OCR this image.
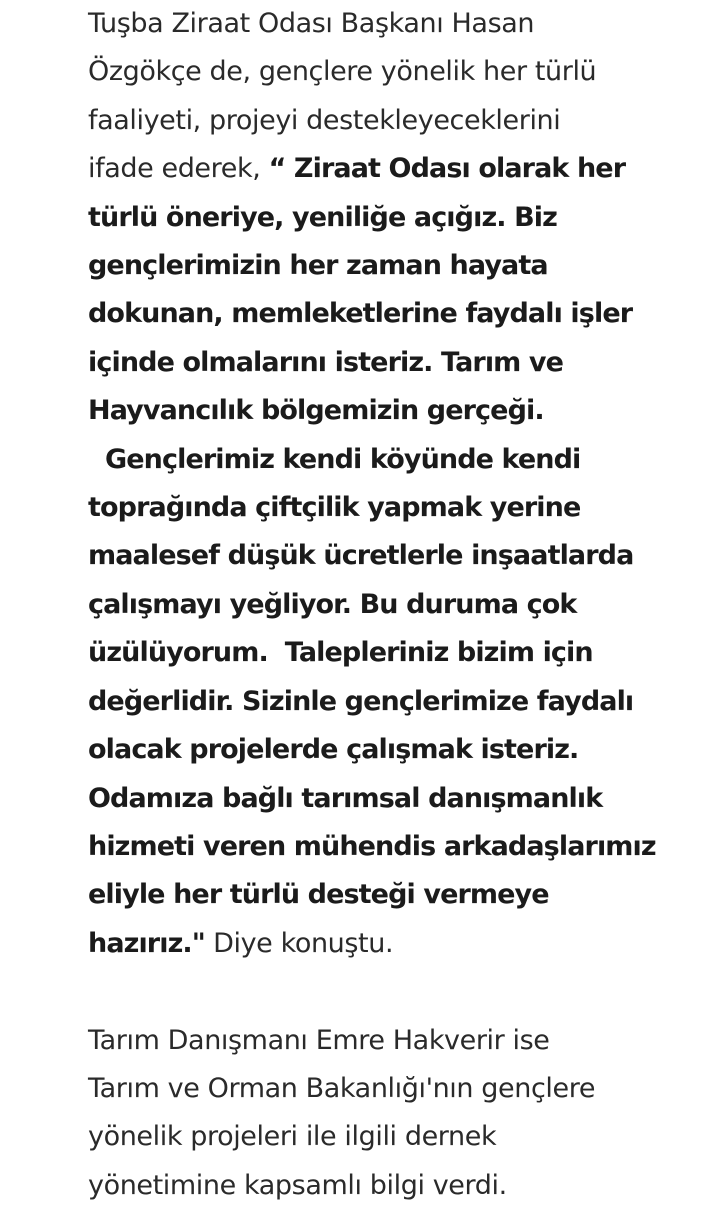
Tuşba Ziraat Odası Başkanı Hasan
Özgökçe de, gençlere yönelik her türlü
faaliyeti, projeyi destekleyeceklerini
ifade ederek, “ Ziraat Odası olarak her
türlü öneriye, yeniliğe açığız. Biz
gençlerimizin her zaman hayata
dokunan, memleketlerine faydalı işler
içinde olmalarını isteriz. Tarım ve
Hayvancılık bölgemizin gerçeği.
Gençlerimiz kendi köyünde kendi
toprağında çiftçilik yapmak yerine
maalesef düşük ücretlerle inşaatlarda
çalışmayı yeğliyor. Bu duruma çok
üzülüyorum.  Talepleriniz bizim için
değerlidir. Sizinle gençlerimize faydalı
olacak projelerde çalışmak isteriz.
Odamıza bağlı tarımsal danışmanlık
hizmeti veren mühendis arkadaşlarımız
eliyle her türlü desteği vermeye
hazırız." Diye konuştu.
Tarım Danışmanı Emre Hakverir ise
Tarım ve Orman Bakanlığı'nın gençlere
yönelik projeleri ile ilgili dernek
yönetimine kapsamlı bilgi verdi.
